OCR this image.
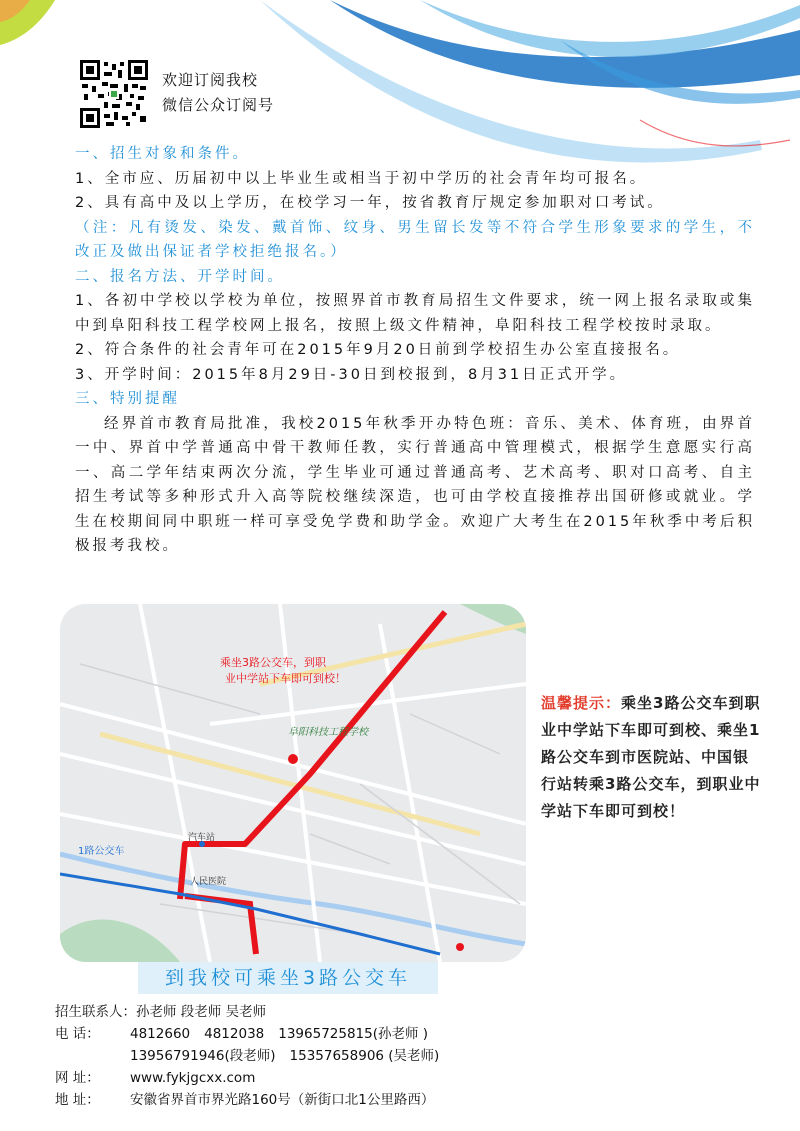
欢迎订阅我校
微信公众订阅号

一、招生对象和条件。

1、全市应、历届初中以上毕业生或相当于初中学历的社会青年均可报名。

2、具有高中及以上学历，在校学习一年，按省教育厅规定参加职对口考试。

（注：凡有烫发、染发、戴首饰、纹身、男生留长发等不符合学生形象要求的学生，不改正及做出保证者学校拒绝报名。）

二、报名方法、开学时间。

1、各初中学校以学校为单位，按照界首市教育局招生文件要求，统一网上报名录取或集中到阜阳科技工程学校网上报名，按照上级文件精神，阜阳科技工程学校按时录取。

2、符合条件的社会青年可在2015年9月20日前到学校招生办公室直接报名。

3、开学时间：2015年8月29日-30日到校报到，8月31日正式开学。

三、特别提醒

经界首市教育局批准，我校2015年秋季开办特色班：音乐、美术、体育班，由界首一中、界首中学普通高中骨干教师任教，实行普通高中管理模式，根据学生意愿实行高一、高二学年结束两次分流，学生毕业可通过普通高考、艺术高考、职对口高考、自主招生考试等多种形式升入高等院校继续深造，也可由学校直接推荐出国研修或就业。学生在校期间同中职班一样可享受免学费和助学金。欢迎广大考生在2015年秋季中考后积极报考我校。

阜阳科技工程学校
乘坐3路公交车，到职
业中学站下车即可到校！
1路公交车
汽车站
人民医院
到我校可乘坐3路公交车
温馨提示：乘坐3路公交车到职业中学站下车即可到校、乘坐1路公交车到市医院站、中国银行站转乘3路公交车，到职业中学站下车即可到校！
招生联系人：孙老师 段老师 吴老师
电 话： 4812660 4812038 13965725815(孙老师 )
13956791946(段老师) 15357658906 (吴老师)
网 址： www.fykjgcxx.com
地 址： 安徽省界首市界光路160号（新街口北1公里路西）
